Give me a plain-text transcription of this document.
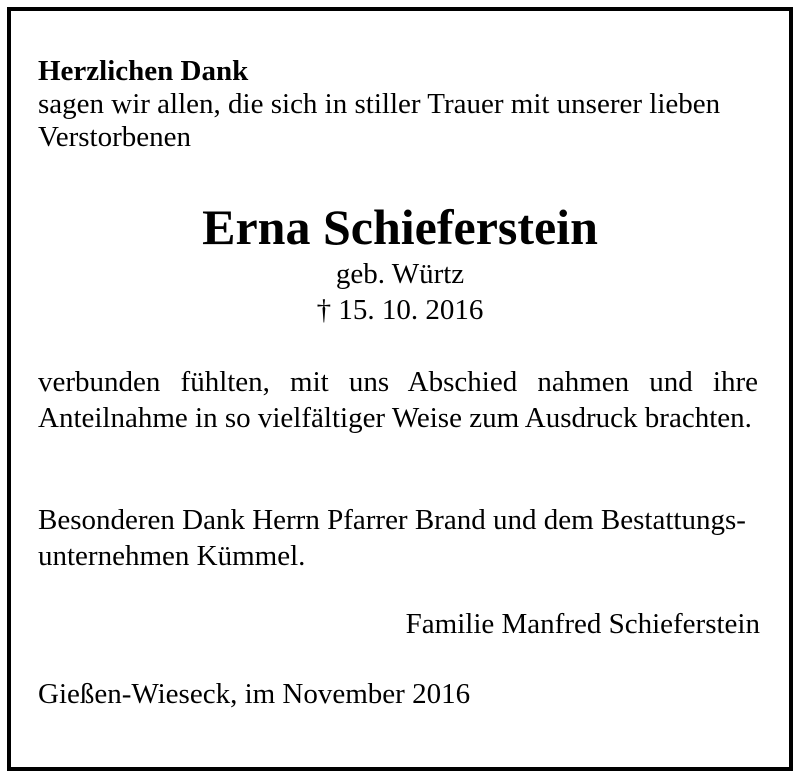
Herzlichen Dank

sagen wir allen, die sich in stiller Trauer mit unserer lieben Verstorbenen

Erna Schieferstein

geb. Würtz

† 15. 10. 2016

verbunden fühlten, mit uns Abschied nahmen und ihre Anteilnahme in so vielfältiger Weise zum Ausdruck brachten.

Besonderen Dank Herrn Pfarrer Brand und dem Bestattungsunternehmen Kümmel.

Familie Manfred Schieferstein

Gießen-Wieseck, im November 2016
